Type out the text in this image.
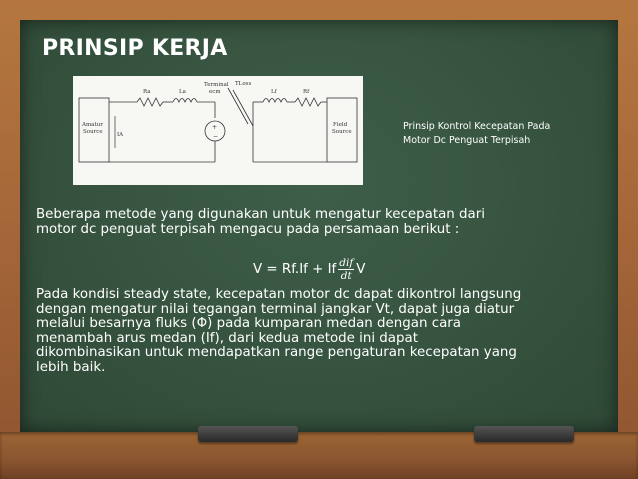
PRINSIP KERJA
Amatur
Source	IA
Ra	La
Terminal
ecm
TLoss
Lf	Rf
Field
Source
+
−
Prinsip Kontrol Kecepatan Pada Motor Dc Penguat Terpisah
Beberapa metode yang digunakan untuk mengatur kecepatan dari
motor dc penguat terpisah mengacu pada persamaan berikut :
V = Rf.If + If $\frac{\text{dif}}{dt}$ V
Pada kondisi steady state, kecepatan motor dc dapat dikontrol langsung
dengan mengatur nilai tegangan terminal jangkar Vt, dapat juga diatur
melalui besarnya fluks (Φ) pada kumparan medan dengan cara
menambah arus medan (If), dari kedua metode ini dapat
dikombinasikan untuk mendapatkan range pengaturan kecepatan yang
lebih baik.
